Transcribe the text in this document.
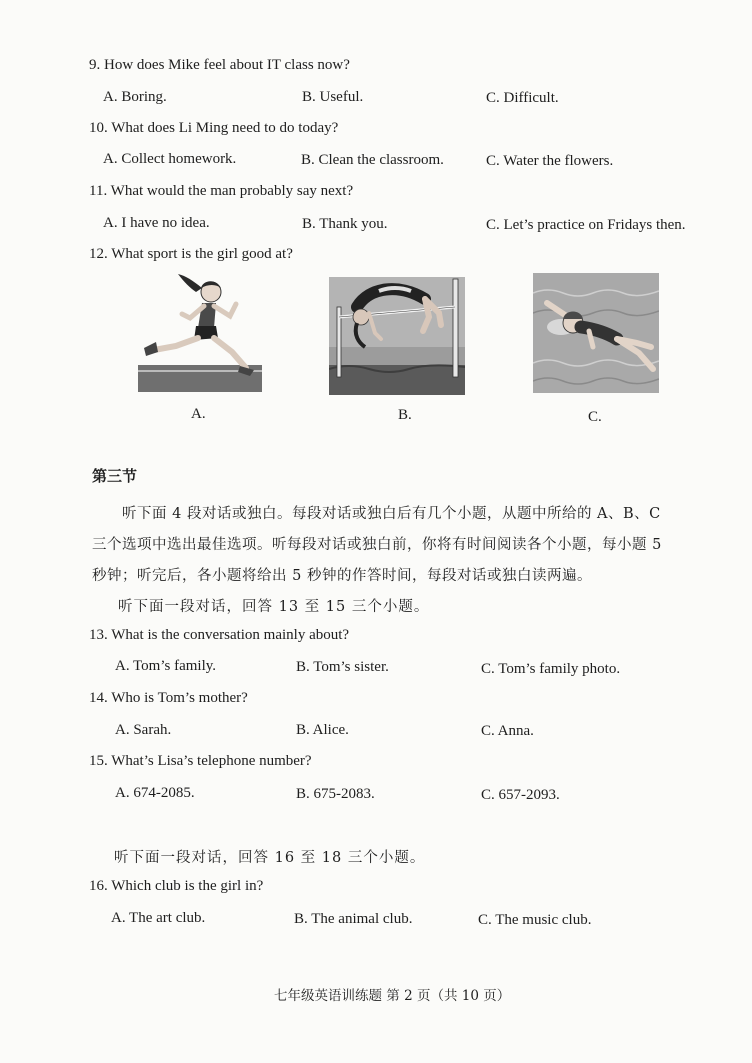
9. How does Mike feel about IT class now?
A. Boring.	B. Useful.	C. Difficult.
10. What does Li Ming need to do today?
A. Collect homework.	B. Clean the classroom.	C. Water the flowers.
11. What would the man probably say next?
A. I have no idea.	B. Thank you.	C. Let’s practice on Fridays then.
12. What sport is the girl good at?
A.	B.	C.
第三节
听下面 4 段对话或独白。每段对话或独白后有几个小题，从题中所给的 A、B、C
三个选项中选出最佳选项。听每段对话或独白前，你将有时间阅读各个小题，每小题 5
秒钟；听完后，各小题将给出 5 秒钟的作答时间，每段对话或独白读两遍。
听下面一段对话，回答 13 至 15 三个小题。
13. What is the conversation mainly about?
A. Tom’s family.	B. Tom’s sister.	C. Tom’s family photo.
14. Who is Tom’s mother?
A. Sarah.	B. Alice.	C. Anna.
15. What’s Lisa’s telephone number?
A. 674-2085.	B. 675-2083.	C. 657-2093.
听下面一段对话，回答 16 至 18 三个小题。
16. Which club is the girl in?
A. The art club.	B. The animal club.	C. The music club.
七年级英语训练题 第 2 页（共 10 页）
